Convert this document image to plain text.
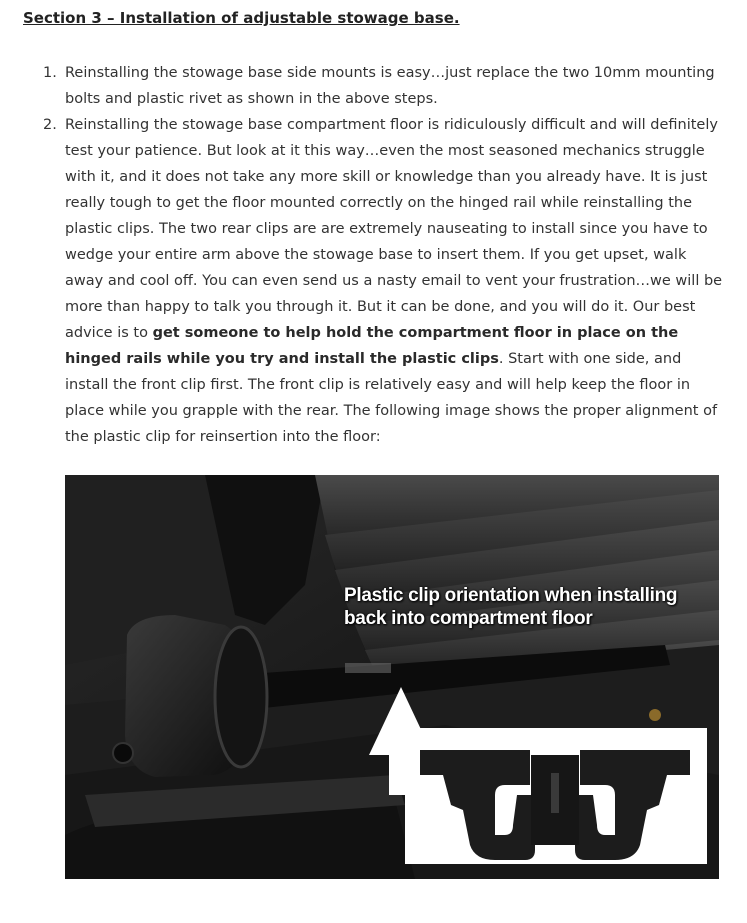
Section 3 – Installation of adjustable stowage base.
1. Reinstalling the stowage base side mounts is easy…just replace the two 10mm mounting bolts and plastic rivet as shown in the above steps.

2. Reinstalling the stowage base compartment floor is ridiculously difficult and will definitely test your patience. But look at it this way…even the most seasoned mechanics struggle with it, and it does not take any more skill or knowledge than you already have. It is just really tough to get the floor mounted correctly on the hinged rail while reinstalling the plastic clips. The two rear clips are are extremely nauseating to install since you have to wedge your entire arm above the stowage base to insert them. If you get upset, walk away and cool off. You can even send us a nasty email to vent your frustration…we will be more than happy to talk you through it. But it can be done, and you will do it. Our best advice is to get someone to help hold the compartment floor in place on the hinged rails while you try and install the plastic clips. Start with one side, and install the front clip first. The front clip is relatively easy and will help keep the floor in place while you grapple with the rear. The following image shows the proper alignment of the plastic clip for reinsertion into the floor:

Plastic clip orientation when installing
back into compartment floor
